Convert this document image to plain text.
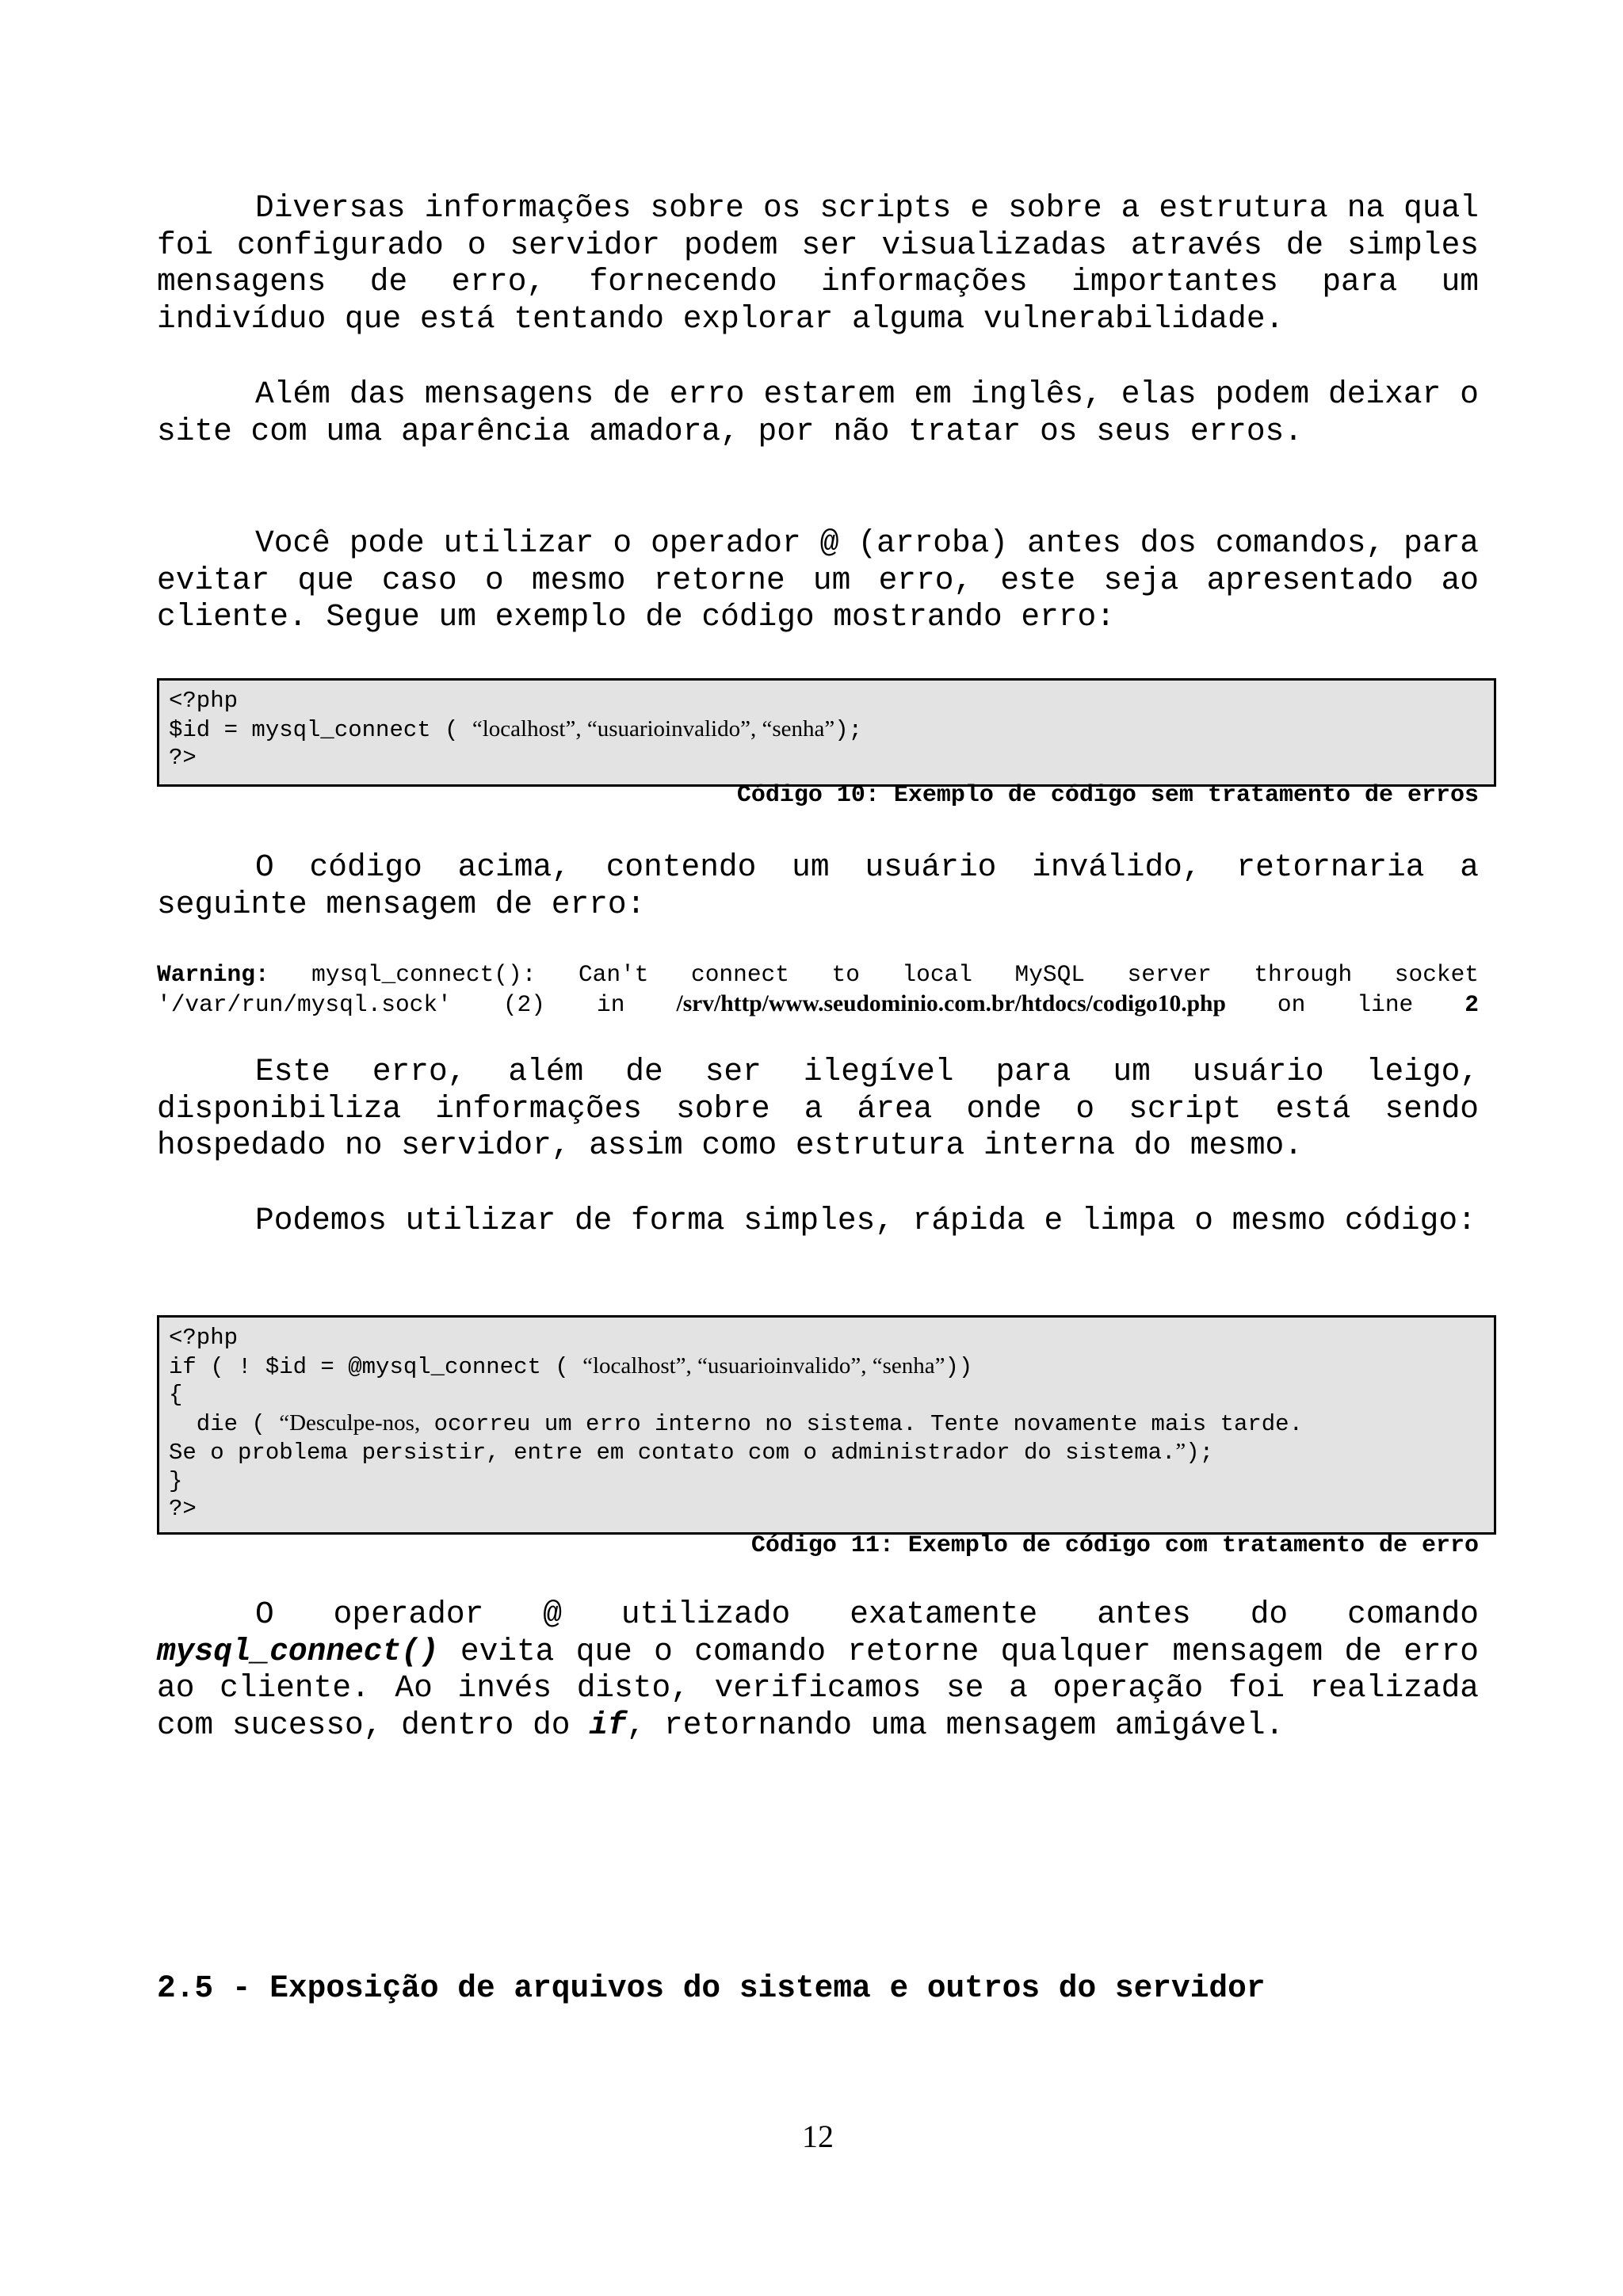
Diversas informações sobre os scripts e sobre a estrutura na qual foi configurado o servidor podem ser visualizadas através de simples mensagens de erro, fornecendo informações importantes para um indivíduo que está tentando explorar alguma vulnerabilidade.

Além das mensagens de erro estarem em inglês, elas podem deixar o site com uma aparência amadora, por não tratar os seus erros.

Você pode utilizar o operador @ (arroba) antes dos comandos, para evitar que caso o mesmo retorne um erro, este seja apresentado ao cliente. Segue um exemplo de código mostrando erro:

<?php
$id = mysql_connect ( “localhost”, “usuarioinvalido”, “senha”);
?>
Código 10: Exemplo de código sem tratamento de erros

O código acima, contendo um usuário inválido, retornaria a seguinte mensagem de erro:

Warning: mysql_connect(): Can't connect to local MySQL server through socket
'/var/run/mysql.sock' (2) in /srv/http/www.seudominio.com.br/htdocs/codigo10.php on line 2

Este erro, além de ser ilegível para um usuário leigo, disponibiliza informações sobre a área onde o script está sendo hospedado no servidor, assim como estrutura interna do mesmo.

Podemos utilizar de forma simples, rápida e limpa o mesmo código:

<?php
if ( ! $id = @mysql_connect ( “localhost”, “usuarioinvalido”, “senha”))
{
die ( “Desculpe-nos, ocorreu um erro interno no sistema. Tente novamente mais tarde.
Se o problema persistir, entre em contato com o administrador do sistema.”);
}
?>
Código 11: Exemplo de código com tratamento de erro

O operador @ utilizado exatamente antes do comando mysql_connect() evita que o comando retorne qualquer mensagem de erro ao cliente. Ao invés disto, verificamos se a operação foi realizada com sucesso, dentro do if, retornando uma mensagem amigável.

2.5 - Exposição de arquivos do sistema e outros do servidor
12
